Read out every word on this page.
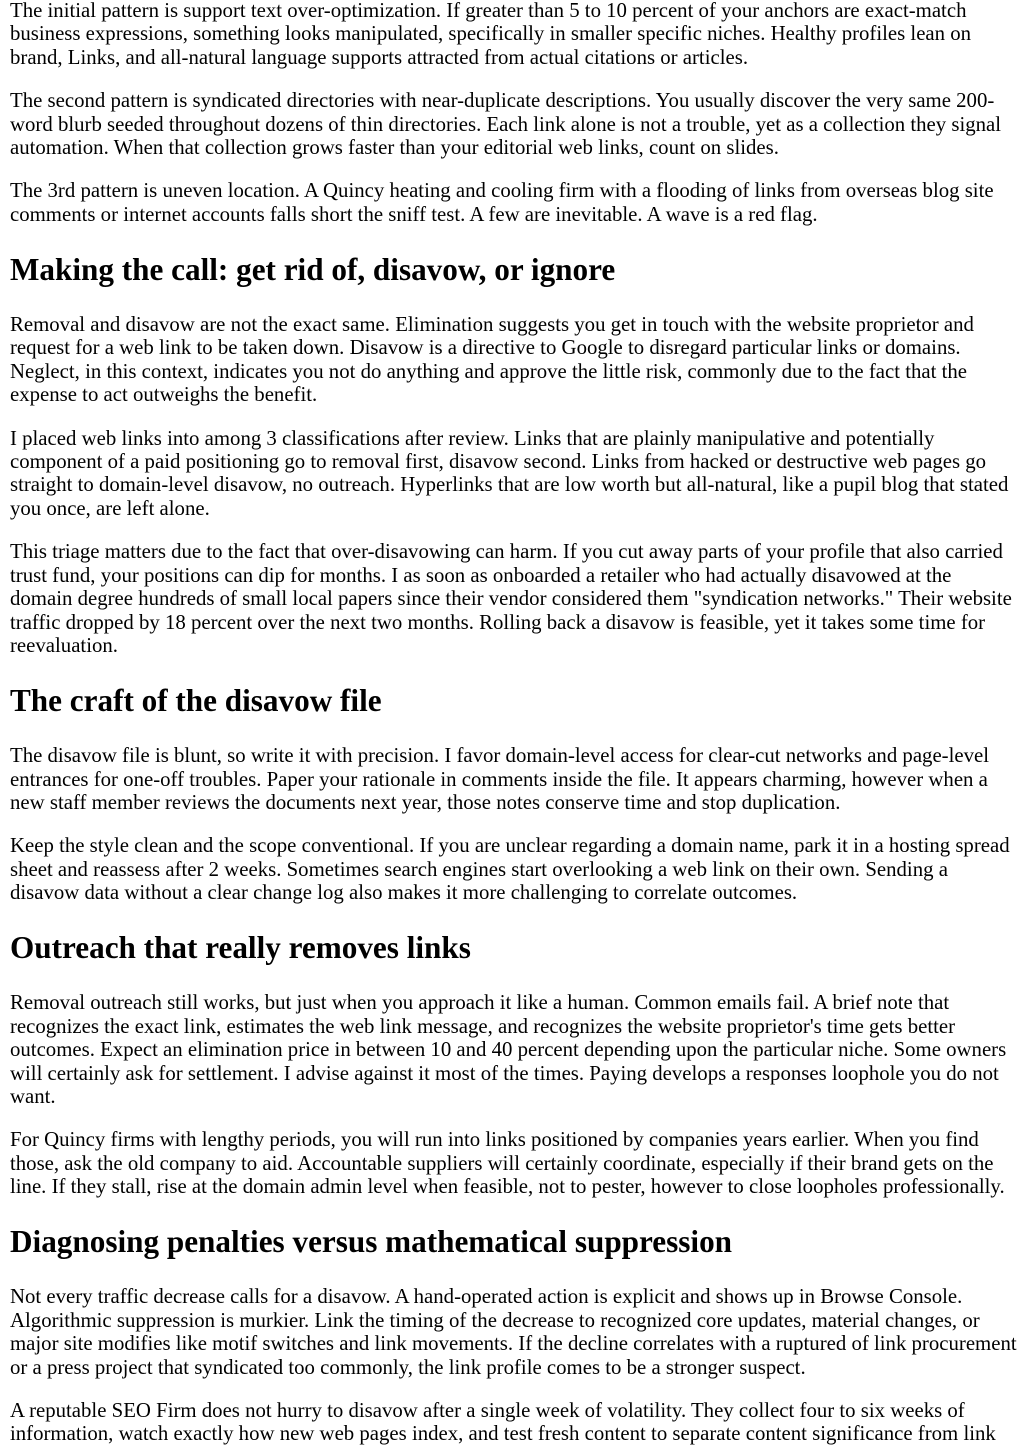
The initial pattern is support text over-optimization. If greater than 5 to 10 percent of your anchors are exact-match business expressions, something looks manipulated, specifically in smaller specific niches. Healthy profiles lean on brand, Links, and all-natural language supports attracted from actual citations or articles.

The second pattern is syndicated directories with near-duplicate descriptions. You usually discover the very same 200-word blurb seeded throughout dozens of thin directories. Each link alone is not a trouble, yet as a collection they signal automation. When that collection grows faster than your editorial web links, count on slides.

The 3rd pattern is uneven location. A Quincy heating and cooling firm with a flooding of links from overseas blog site comments or internet accounts falls short the sniff test. A few are inevitable. A wave is a red flag.

Making the call: get rid of, disavow, or ignore

Removal and disavow are not the exact same. Elimination suggests you get in touch with the website proprietor and request for a web link to be taken down. Disavow is a directive to Google to disregard particular links or domains. Neglect, in this context, indicates you not do anything and approve the little risk, commonly due to the fact that the expense to act outweighs the benefit.

I placed web links into among 3 classifications after review. Links that are plainly manipulative and potentially component of a paid positioning go to removal first, disavow second. Links from hacked or destructive web pages go straight to domain-level disavow, no outreach. Hyperlinks that are low worth but all-natural, like a pupil blog that stated you once, are left alone.

This triage matters due to the fact that over-disavowing can harm. If you cut away parts of your profile that also carried trust fund, your positions can dip for months. I as soon as onboarded a retailer who had actually disavowed at the domain degree hundreds of small local papers since their vendor considered them "syndication networks." Their website traffic dropped by 18 percent over the next two months. Rolling back a disavow is feasible, yet it takes some time for reevaluation.

The craft of the disavow file

The disavow file is blunt, so write it with precision. I favor domain-level access for clear-cut networks and page-level entrances for one-off troubles. Paper your rationale in comments inside the file. It appears charming, however when a new staff member reviews the documents next year, those notes conserve time and stop duplication.

Keep the style clean and the scope conventional. If you are unclear regarding a domain name, park it in a hosting spread sheet and reassess after 2 weeks. Sometimes search engines start overlooking a web link on their own. Sending a disavow data without a clear change log also makes it more challenging to correlate outcomes.

Outreach that really removes links

Removal outreach still works, but just when you approach it like a human. Common emails fail. A brief note that recognizes the exact link, estimates the web link message, and recognizes the website proprietor's time gets better outcomes. Expect an elimination price in between 10 and 40 percent depending upon the particular niche. Some owners will certainly ask for settlement. I advise against it most of the times. Paying develops a responses loophole you do not want.

For Quincy firms with lengthy periods, you will run into links positioned by companies years earlier. When you find those, ask the old company to aid. Accountable suppliers will certainly coordinate, especially if their brand gets on the line. If they stall, rise at the domain admin level when feasible, not to pester, however to close loopholes professionally.

Diagnosing penalties versus mathematical suppression

Not every traffic decrease calls for a disavow. A hand-operated action is explicit and shows up in Browse Console. Algorithmic suppression is murkier. Link the timing of the decrease to recognized core updates, material changes, or major site modifies like motif switches and link movements. If the decline correlates with a ruptured of link procurement or a press project that syndicated too commonly, the link profile comes to be a stronger suspect.

A reputable SEO Firm does not hurry to disavow after a single week of volatility. They collect four to six weeks of information, watch exactly how new web pages index, and test fresh content to separate content significance from link
